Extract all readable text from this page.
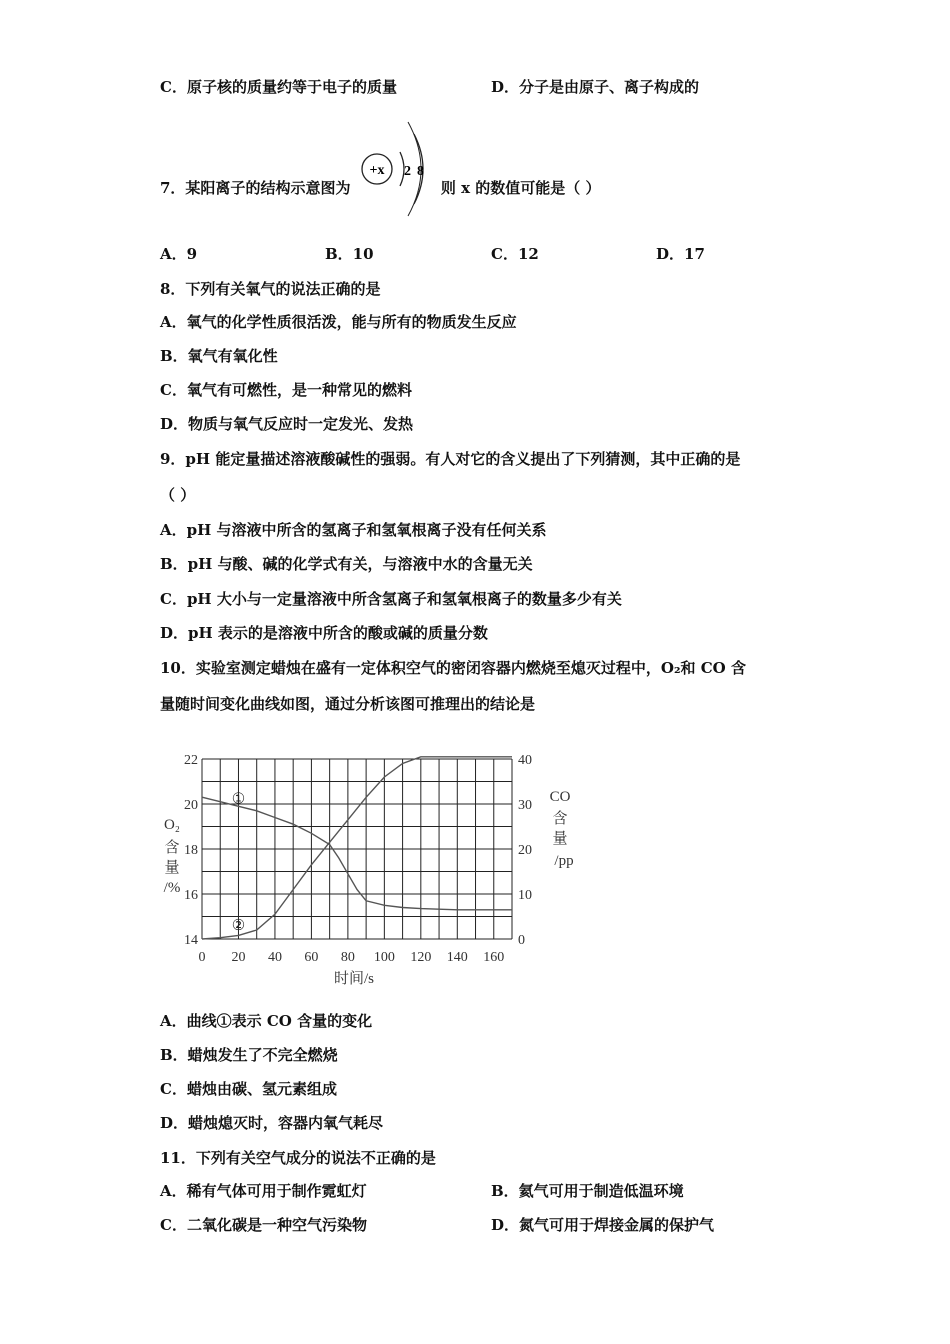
C．原子核的质量约等于电子的质量	D．分子是由原子、离子构成的
7．某阳离子的结构示意图为
+x 2 8
则 x 的数值可能是（ ）
A．9	B．10	C．12	D．17
8．下列有关氧气的说法正确的是
A．氧气的化学性质很活泼，能与所有的物质发生反应
B．氧气有氧化性
C．氧气有可燃性，是一种常见的燃料
D．物质与氧气反应时一定发光、发热
9．pH 能定量描述溶液酸碱性的强弱。有人对它的含义提出了下列猜测，其中正确的是
（ ）
A．pH 与溶液中所含的氢离子和氢氧根离子没有任何关系
B．pH 与酸、碱的化学式有关，与溶液中水的含量无关
C．pH 大小与一定量溶液中所含氢离子和氢氧根离子的数量多少有关
D．pH 表示的是溶液中所含的酸或碱的质量分数
10．实验室测定蜡烛在盛有一定体积空气的密闭容器内燃烧至熄灭过程中，O₂和 CO 含
量随时间变化曲线如图，通过分析该图可推理出的结论是
0 20 40 60 80 100 120 140 160
14
16
18
20
22
0
10
20
30
40
①
②
时间/s
O₂
含
量
/%
CO
含
量
/pp
A．曲线①表示 CO 含量的变化
B．蜡烛发生了不完全燃烧
C．蜡烛由碳、氢元素组成
D．蜡烛熄灭时，容器内氧气耗尽
11．下列有关空气成分的说法不正确的是
A．稀有气体可用于制作霓虹灯	B．氦气可用于制造低温环境
C．二氧化碳是一种空气污染物	D．氮气可用于焊接金属的保护气
